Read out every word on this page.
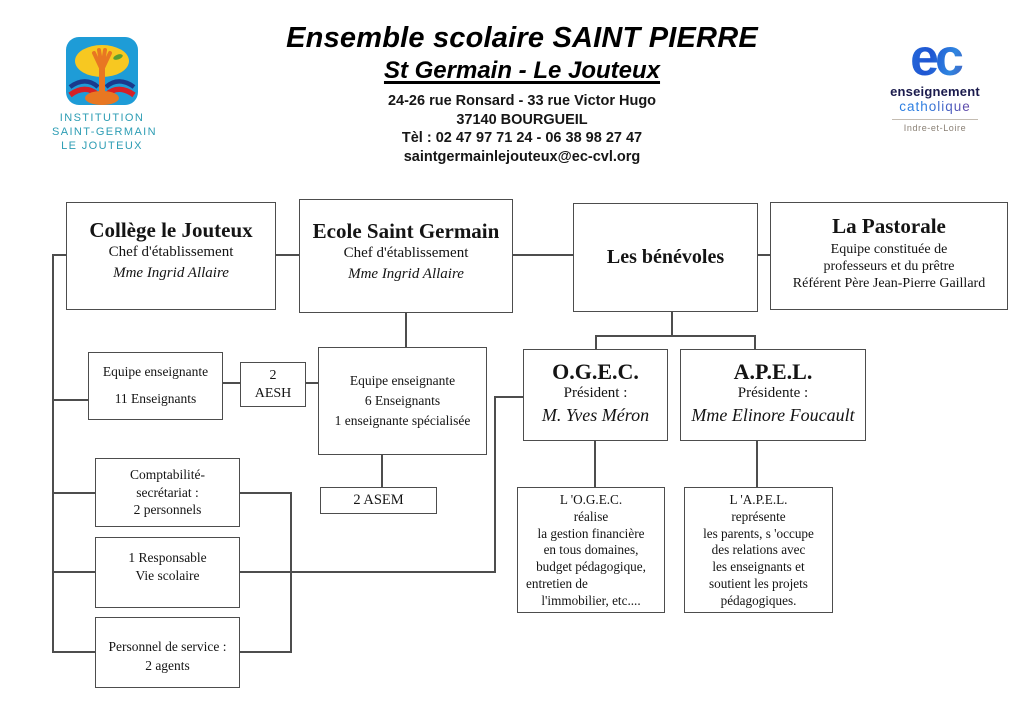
INSTITUTION
SAINT-GERMAIN
LE JOUTEUX
Ensemble scolaire SAINT PIERRE
St Germain - Le Jouteux
24-26 rue Ronsard - 33 rue Victor Hugo
37140 BOURGUEIL
Tèl : 02 47 97 71 24 - 06 38 98 27 47
saintgermainlejouteux@ec-cvl.org
ec
enseignement
catholique
Indre-et-Loire
Collège le Jouteux
Chef d'établissement
Mme Ingrid Allaire
Ecole Saint Germain
Chef d'établissement
Mme Ingrid Allaire
Les bénévoles
La Pastorale
Equipe constituée de
professeurs et du prêtre
Référent Père Jean-Pierre Gaillard
Equipe enseignante
11 Enseignants
2
AESH
Equipe enseignante
6 Enseignants
1 enseignante spécialisée
O.G.E.C.
Président :
M. Yves Méron
A.P.E.L.
Présidente :
Mme Elinore Foucault
2 ASEM
Comptabilité-
secrétariat :
2 personnels
1 Responsable
Vie scolaire
Personnel de service :
2 agents
L 'O.G.E.C.
réalise
la gestion financière
en tous domaines,
budget pédagogique,
entretien de
l'immobilier, etc....
L 'A.P.E.L.
représente
les parents, s 'occupe
des relations avec
les enseignants et
soutient les projets
pédagogiques.
